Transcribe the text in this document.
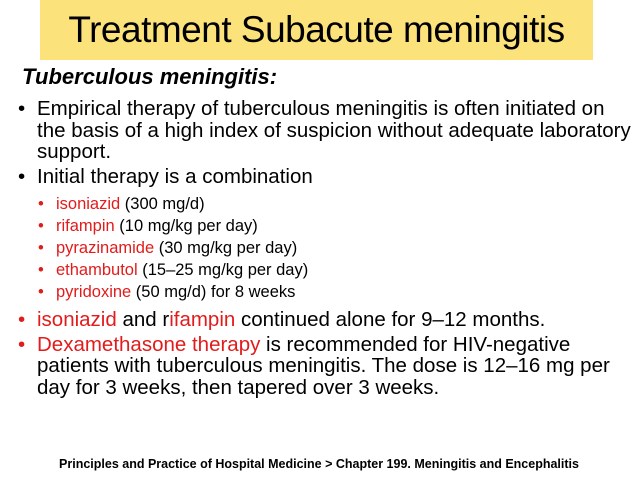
Treatment Subacute meningitis
Tuberculous meningitis:
• Empirical therapy of tuberculous meningitis is often initiated on the basis of a high index of suspicion without adequate laboratory support.
• Initial therapy is a combination
• isoniazid (300 mg/d)
• rifampin (10 mg/kg per day)
• pyrazinamide (30 mg/kg per day)
• ethambutol (15–25 mg/kg per day)
• pyridoxine (50 mg/d) for 8 weeks
• isoniazid and rifampin continued alone for 9–12 months.
• Dexamethasone therapy is recommended for HIV-negative patients with tuberculous meningitis. The dose is 12–16 mg per day for 3 weeks, then tapered over 3 weeks.
Principles and Practice of Hospital Medicine > Chapter 199. Meningitis and Encephalitis
